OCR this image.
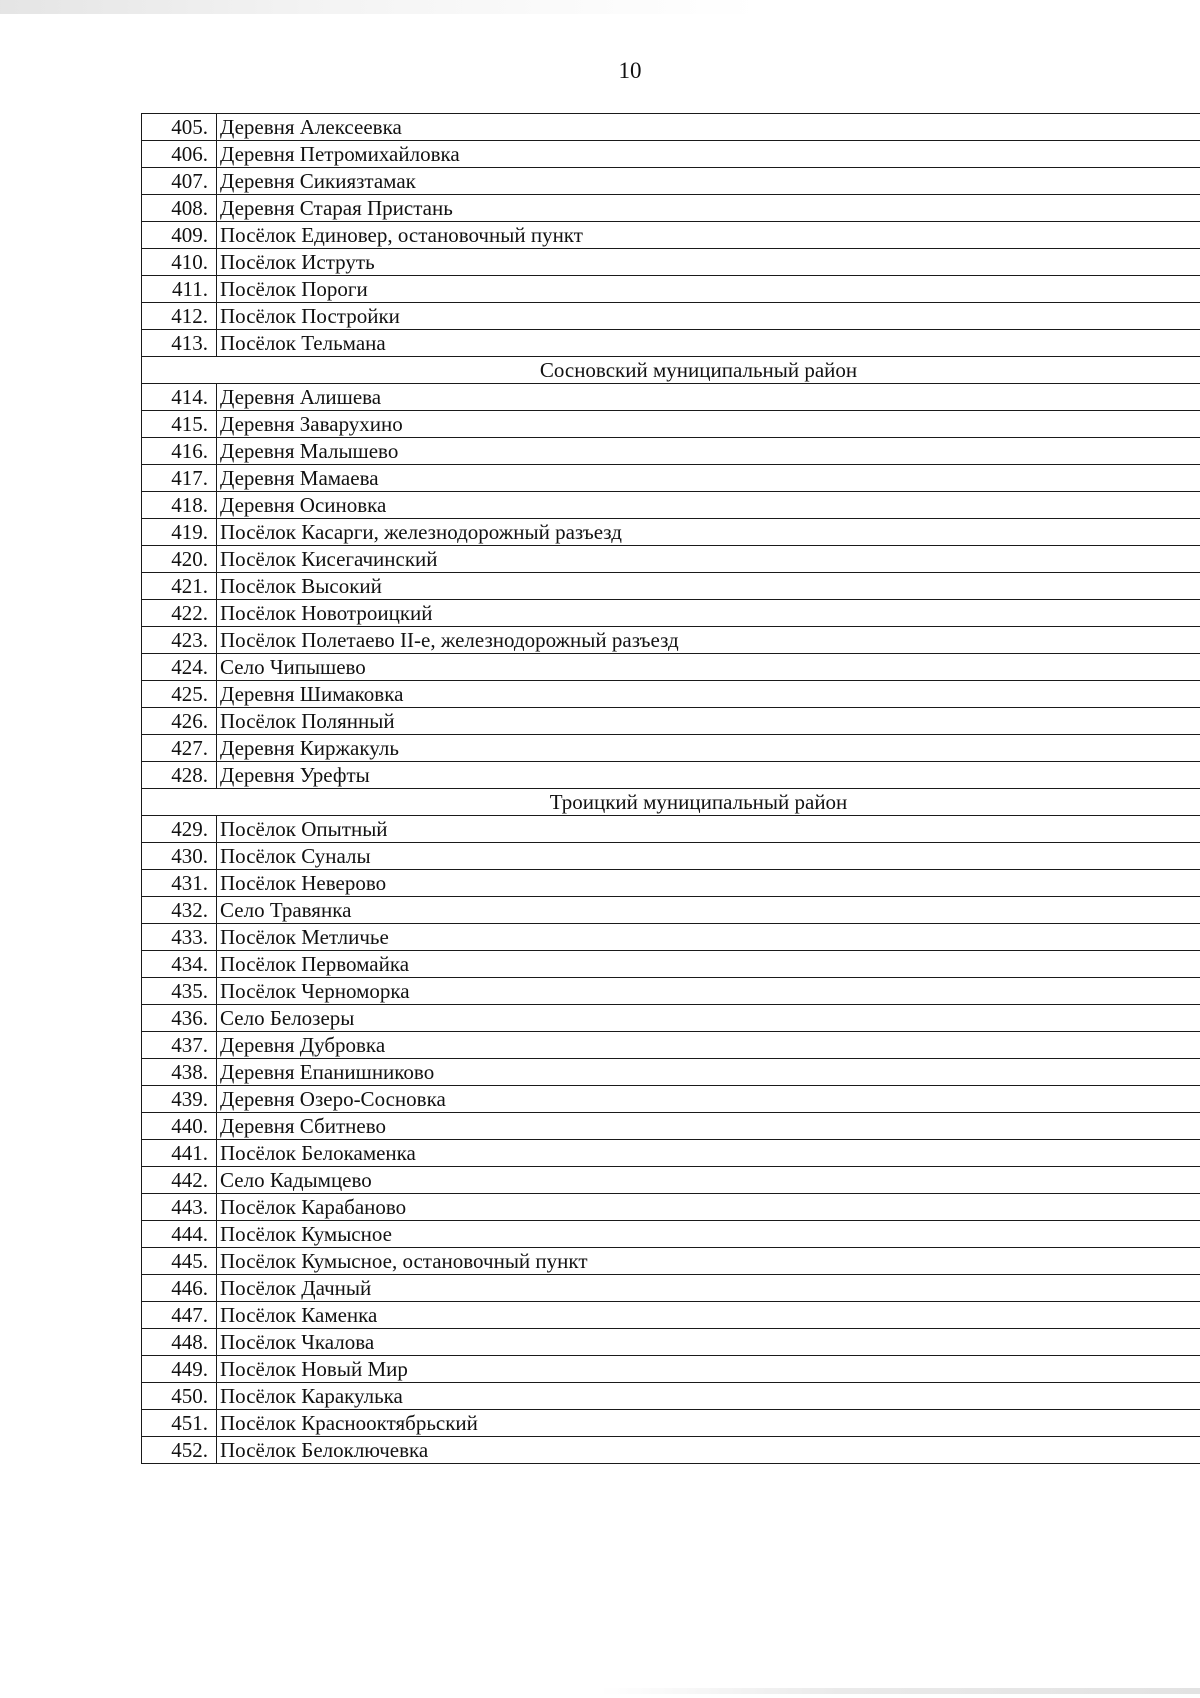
10
405.	Деревня Алексеевка
406.	Деревня Петромихайловка
407.	Деревня Сикиязтамак
408.	Деревня Старая Пристань
409.	Посёлок Единовер, остановочный пункт
410.	Посёлок Иструть
411.	Посёлок Пороги
412.	Посёлок Постройки
413.	Посёлок Тельмана
Сосновский муниципальный район	
414.	Деревня Алишева
415.	Деревня Заварухино
416.	Деревня Малышево
417.	Деревня Мамаева
418.	Деревня Осиновка
419.	Посёлок Касарги, железнодорожный разъезд
420.	Посёлок Кисегачинский
421.	Посёлок Высокий
422.	Посёлок Новотроицкий
423.	Посёлок Полетаево II-е, железнодорожный разъезд
424.	Село Чипышево
425.	Деревня Шимаковка
426.	Посёлок Полянный
427.	Деревня Киржакуль
428.	Деревня Урефты
Троицкий муниципальный район	
429.	Посёлок Опытный
430.	Посёлок Суналы
431.	Посёлок Неверово
432.	Село Травянка
433.	Посёлок Метличье
434.	Посёлок Первомайка
435.	Посёлок Черноморка
436.	Село Белозеры
437.	Деревня Дубровка
438.	Деревня Епанишниково
439.	Деревня Озеро-Сосновка
440.	Деревня Сбитнево
441.	Посёлок Белокаменка
442.	Село Кадымцево
443.	Посёлок Карабаново
444.	Посёлок Кумысное
445.	Посёлок Кумысное, остановочный пункт
446.	Посёлок Дачный
447.	Посёлок Каменка
448.	Посёлок Чкалова
449.	Посёлок Новый Мир
450.	Посёлок Каракулька
451.	Посёлок Краснооктябрьский
452.	Посёлок Белоключевка
